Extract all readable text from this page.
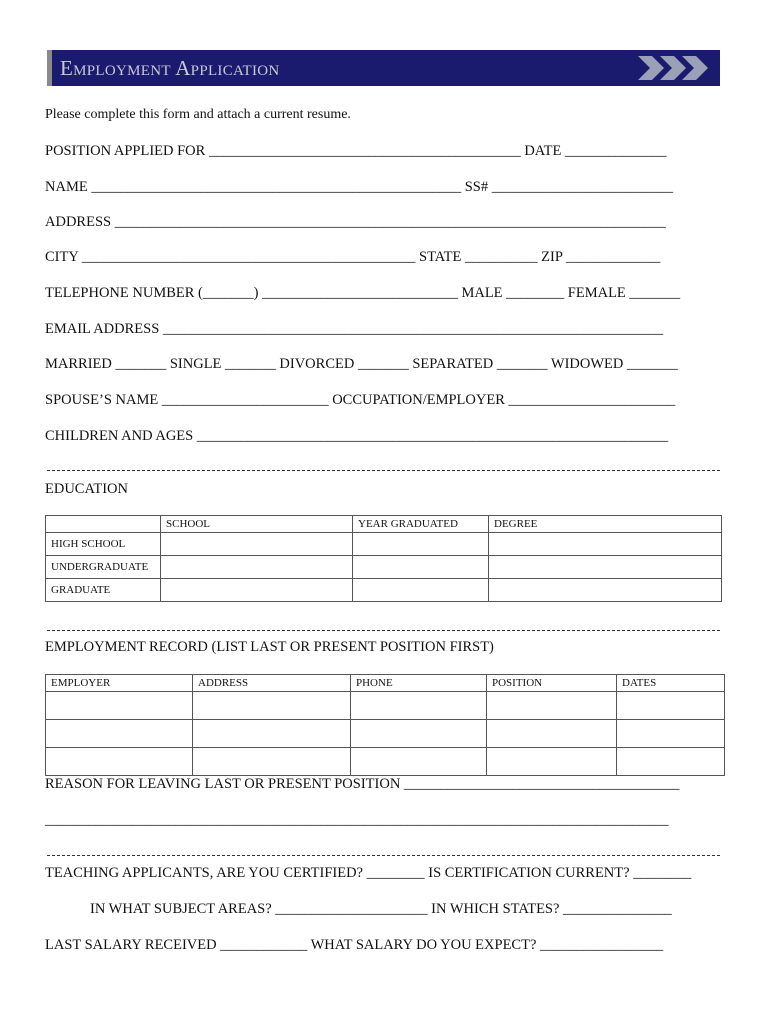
Employment Application
Please complete this form and attach a current resume.
POSITION APPLIED FOR ___________________________________________ DATE ______________
NAME ___________________________________________________ SS# _________________________
ADDRESS ____________________________________________________________________________
CITY ______________________________________________ STATE __________ ZIP _____________
TELEPHONE NUMBER (_______) ___________________________ MALE ________ FEMALE _______
EMAIL ADDRESS _____________________________________________________________________
MARRIED _______ SINGLE _______ DIVORCED _______ SEPARATED _______ WIDOWED _______
SPOUSE’S NAME _______________________ OCCUPATION/EMPLOYER _______________________
CHILDREN AND AGES _________________________________________________________________
EDUCATION
	SCHOOL	YEAR GRADUATED	DEGREE
HIGH SCHOOL			
UNDERGRADUATE			
GRADUATE			
EMPLOYMENT RECORD (LIST LAST OR PRESENT POSITION FIRST)
EMPLOYER	ADDRESS	PHONE	POSITION	DATES

REASON FOR LEAVING LAST OR PRESENT POSITION ______________________________________
______________________________________________________________________________________
TEACHING APPLICANTS, ARE YOU CERTIFIED? ________ IS CERTIFICATION CURRENT? ________
IN WHAT SUBJECT AREAS? _____________________ IN WHICH STATES? _______________
LAST SALARY RECEIVED ____________ WHAT SALARY DO YOU EXPECT? _________________
